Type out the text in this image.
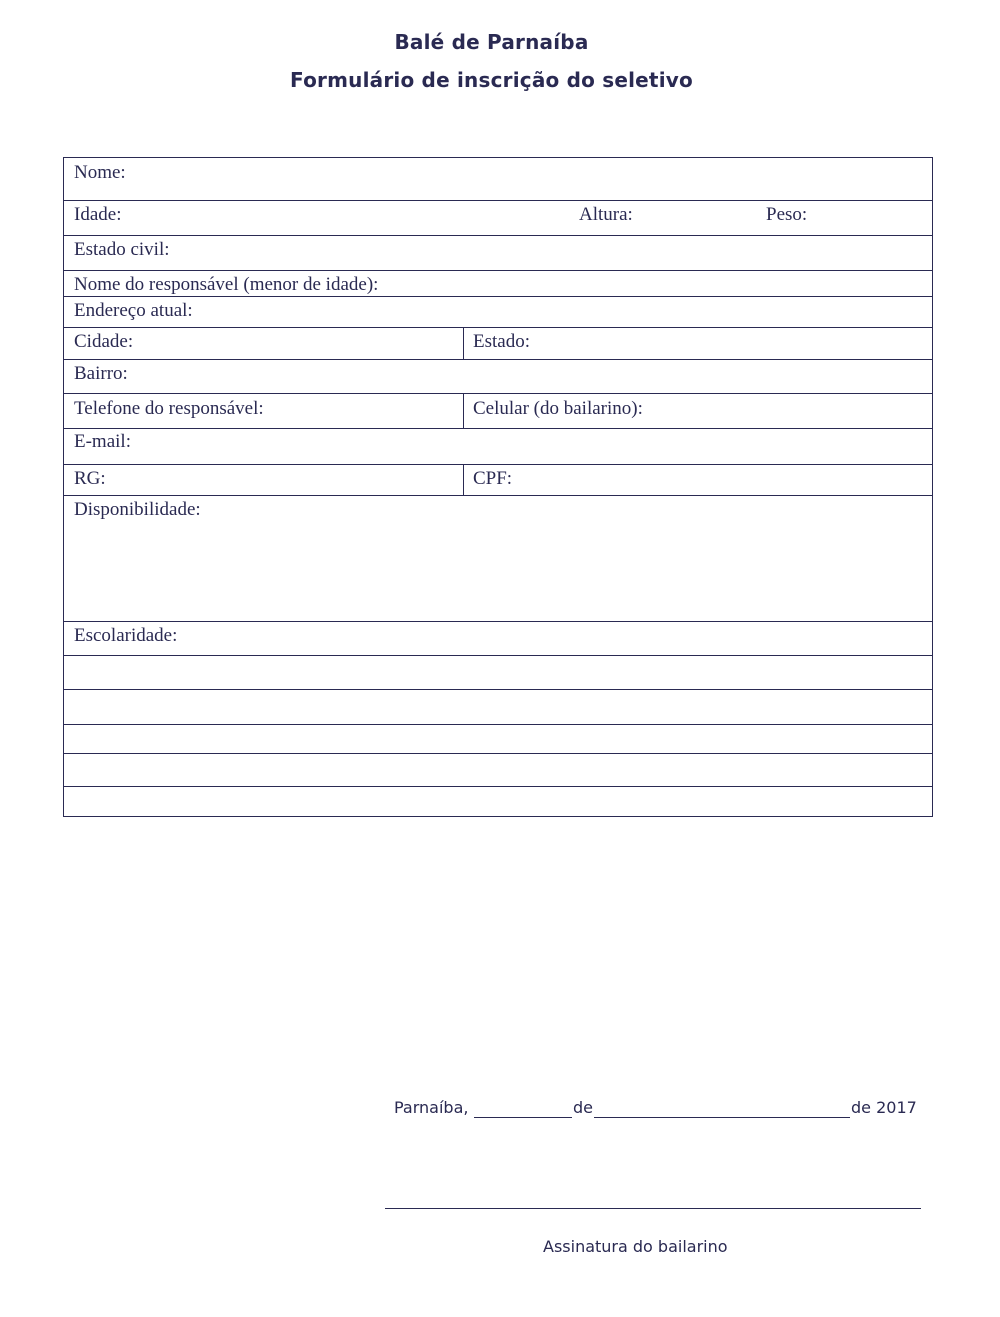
Balé de Parnaíba
Formulário de inscrição do seletivo
Nome:
Idade:	Altura:	Peso:
Estado civil:
Nome do responsável (menor de idade):
Endereço atual:
Cidade:	Estado:
Bairro:
Telefone do responsável:	Celular (do bailarino):
E-mail:
RG:	CPF:
Disponibilidade:
Escolaridade:
Parnaíba,	de	de 2017
Assinatura do bailarino
